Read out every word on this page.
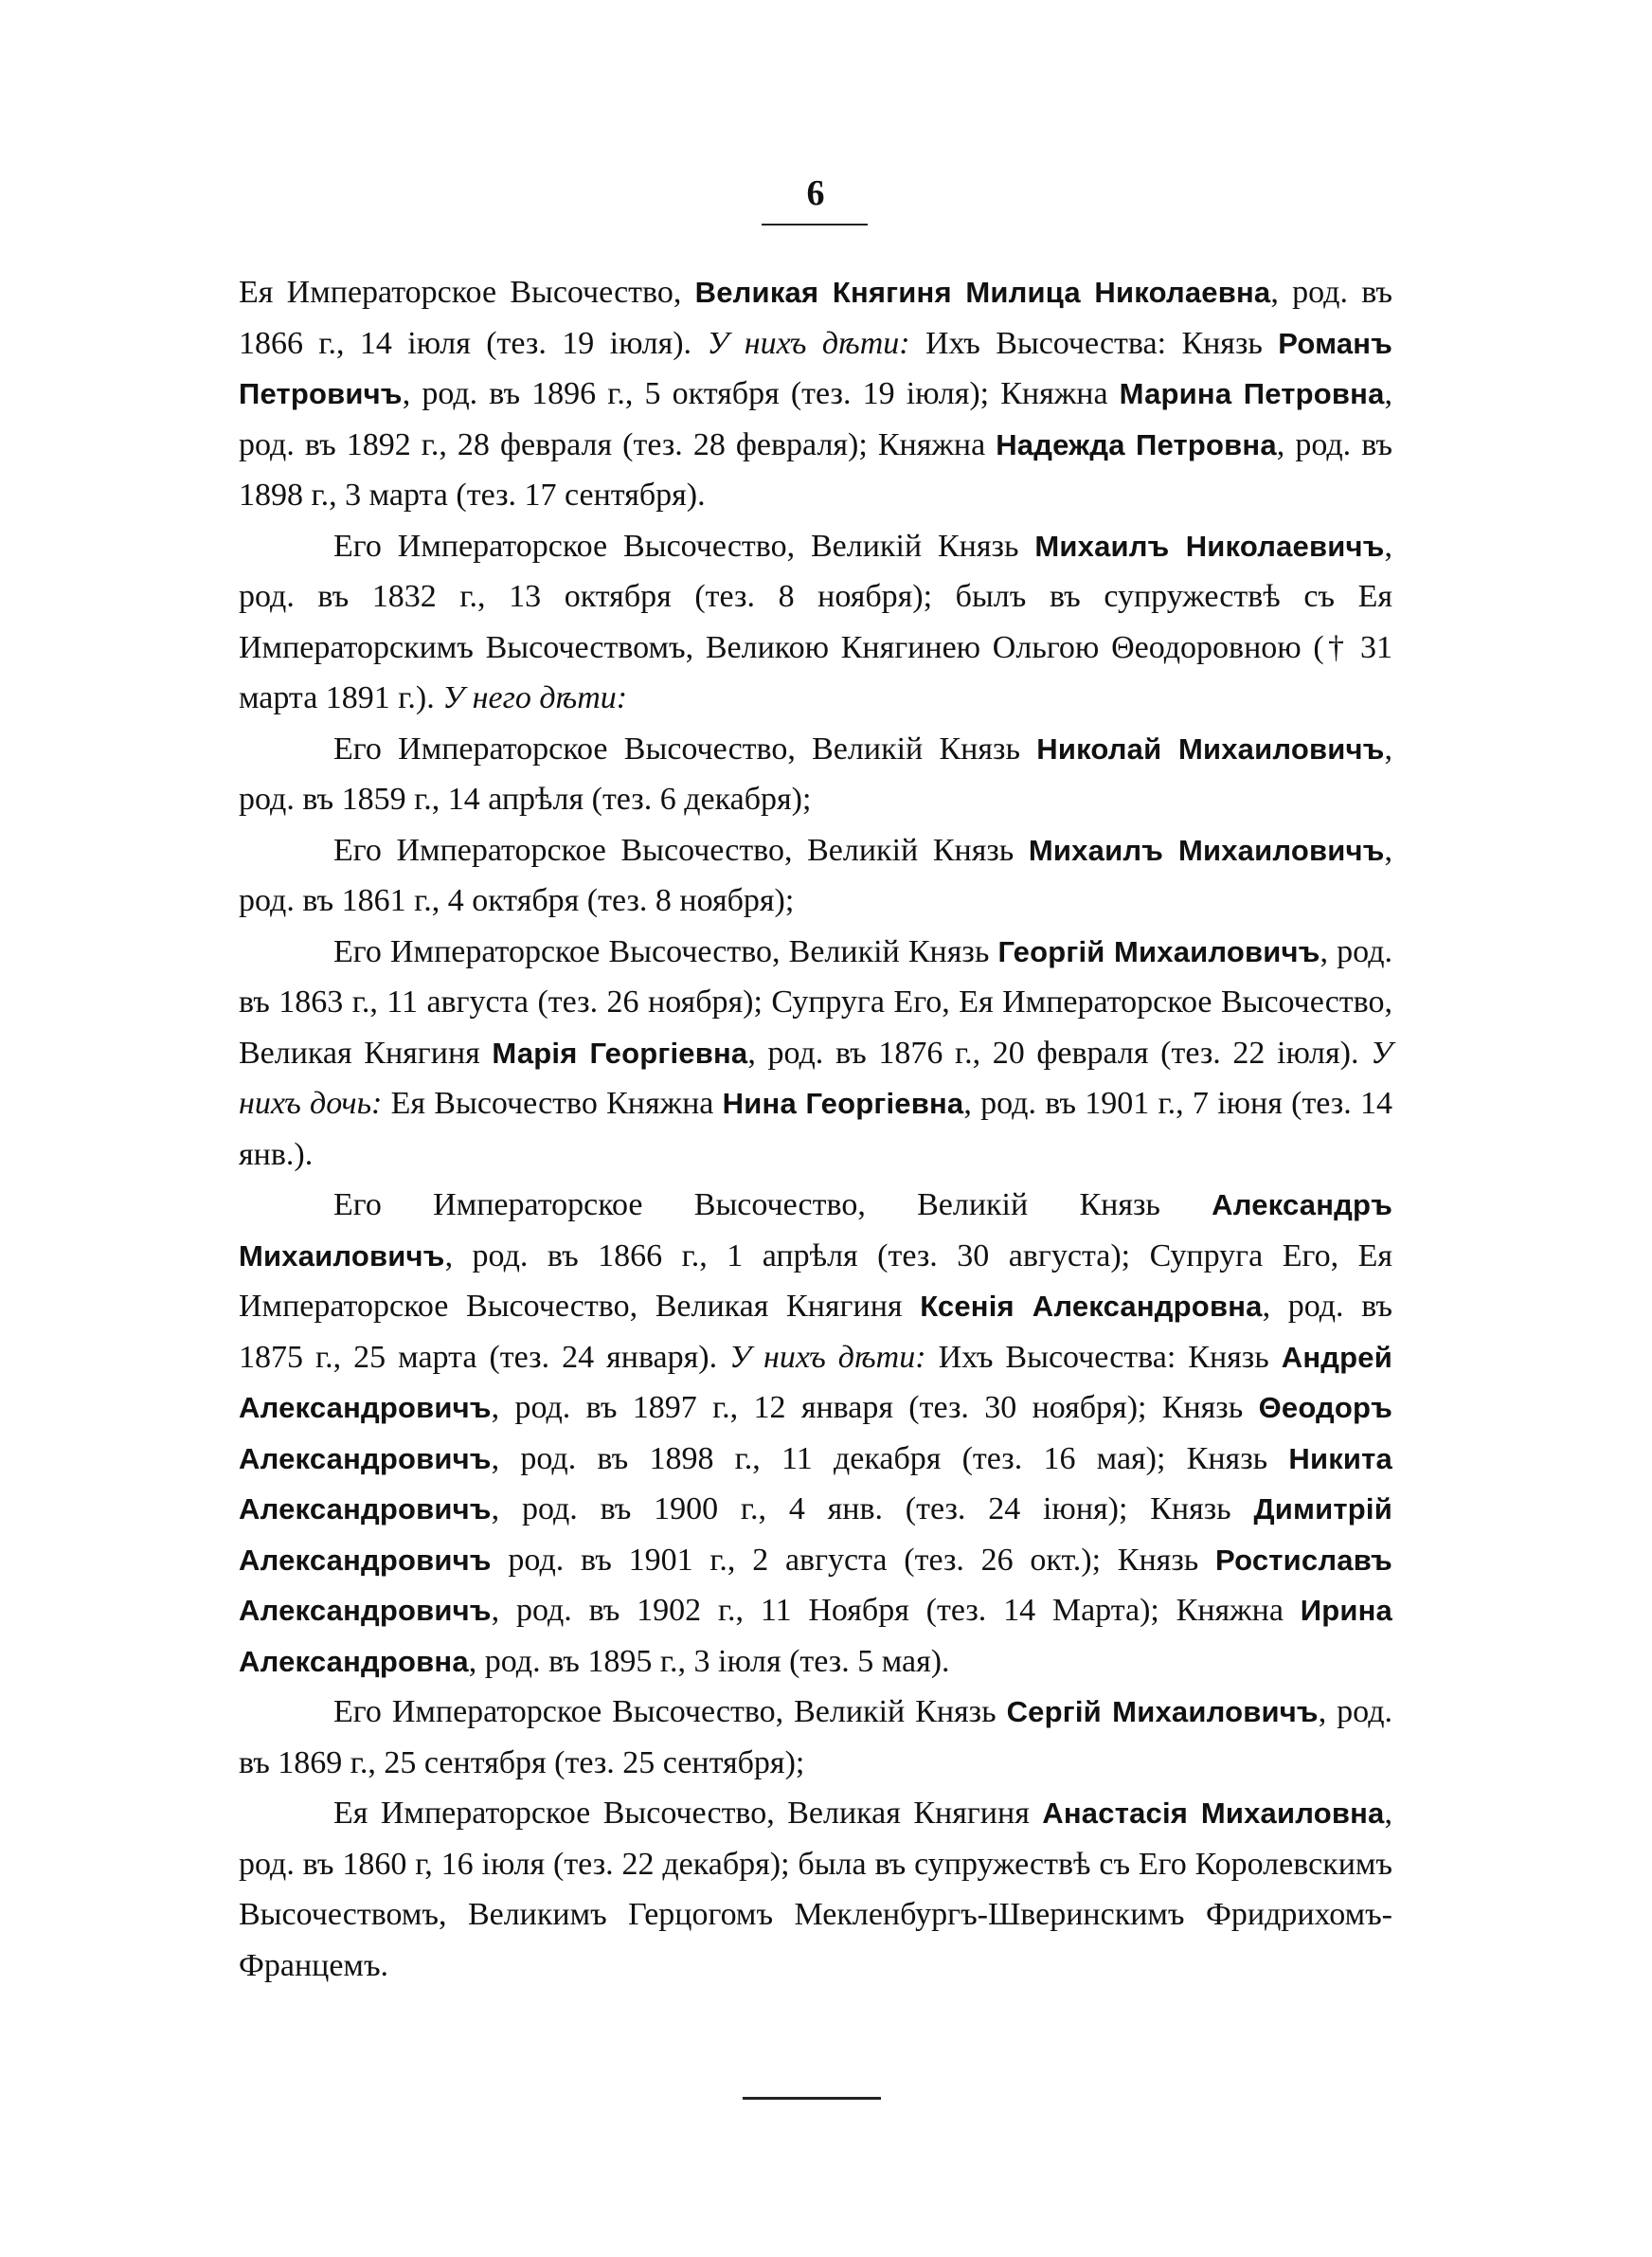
6

Ея Императорское Высочество, Великая Княгиня Милица Николаевна, род. въ 1866 г., 14 іюля (тез. 19 іюля). У нихъ дѣти: Ихъ Высочества: Князь Романъ Петровичъ, род. въ 1896 г., 5 октября (тез. 19 іюля); Княжна Марина Петровна, род. въ 1892 г., 28 февраля (тез. 28 февраля); Княжна Надежда Петровна, род. въ 1898 г., 3 марта (тез. 17 сентября).

Его Императорское Высочество, Великій Князь Михаилъ Николаевичъ, род. въ 1832 г., 13 октября (тез. 8 ноября); былъ въ супружествѣ съ Ея Императорскимъ Высочествомъ, Великою Княгинею Ольгою Θеодоровною († 31 марта 1891 г.). У него дѣти:

Его Императорское Высочество, Великій Князь Николай Михаиловичъ, род. въ 1859 г., 14 апрѣля (тез. 6 декабря);

Его Императорское Высочество, Великій Князь Михаилъ Михаиловичъ, род. въ 1861 г., 4 октября (тез. 8 ноября);

Его Императорское Высочество, Великій Князь Георгій Михаиловичъ, род. въ 1863 г., 11 августа (тез. 26 ноября); Супруга Его, Ея Императорское Высочество, Великая Княгиня Марія Георгіевна, род. въ 1876 г., 20 февраля (тез. 22 іюля). У нихъ дочь: Ея Высочество Княжна Нина Георгіевна, род. въ 1901 г., 7 іюня (тез. 14 янв.).

Его Императорское Высочество, Великій Князь Александръ Михаиловичъ, род. въ 1866 г., 1 апрѣля (тез. 30 августа); Супруга Его, Ея Императорское Высочество, Великая Княгиня Ксенія Александровна, род. въ 1875 г., 25 марта (тез. 24 января). У нихъ дѣти: Ихъ Высочества: Князь Андрей Александровичъ, род. въ 1897 г., 12 января (тез. 30 ноября); Князь Θеодоръ Александровичъ, род. въ 1898 г., 11 декабря (тез. 16 мая); Князь Никита Александровичъ, род. въ 1900 г., 4 янв. (тез. 24 іюня); Князь Димитрій Александровичъ род. въ 1901 г., 2 августа (тез. 26 окт.); Князь Ростиславъ Александровичъ, род. въ 1902 г., 11 Ноября (тез. 14 Марта); Княжна Ирина Александровна, род. въ 1895 г., 3 іюля (тез. 5 мая).

Его Императорское Высочество, Великій Князь Сергій Михаиловичъ, род. въ 1869 г., 25 сентября (тез. 25 сентября);

Ея Императорское Высочество, Великая Княгиня Анастасія Михаиловна, род. въ 1860 г, 16 іюля (тез. 22 декабря); была въ супружествѣ съ Его Королевскимъ Высочествомъ, Великимъ Герцогомъ Мекленбургъ-Шверинскимъ Фридрихомъ-Францемъ.
